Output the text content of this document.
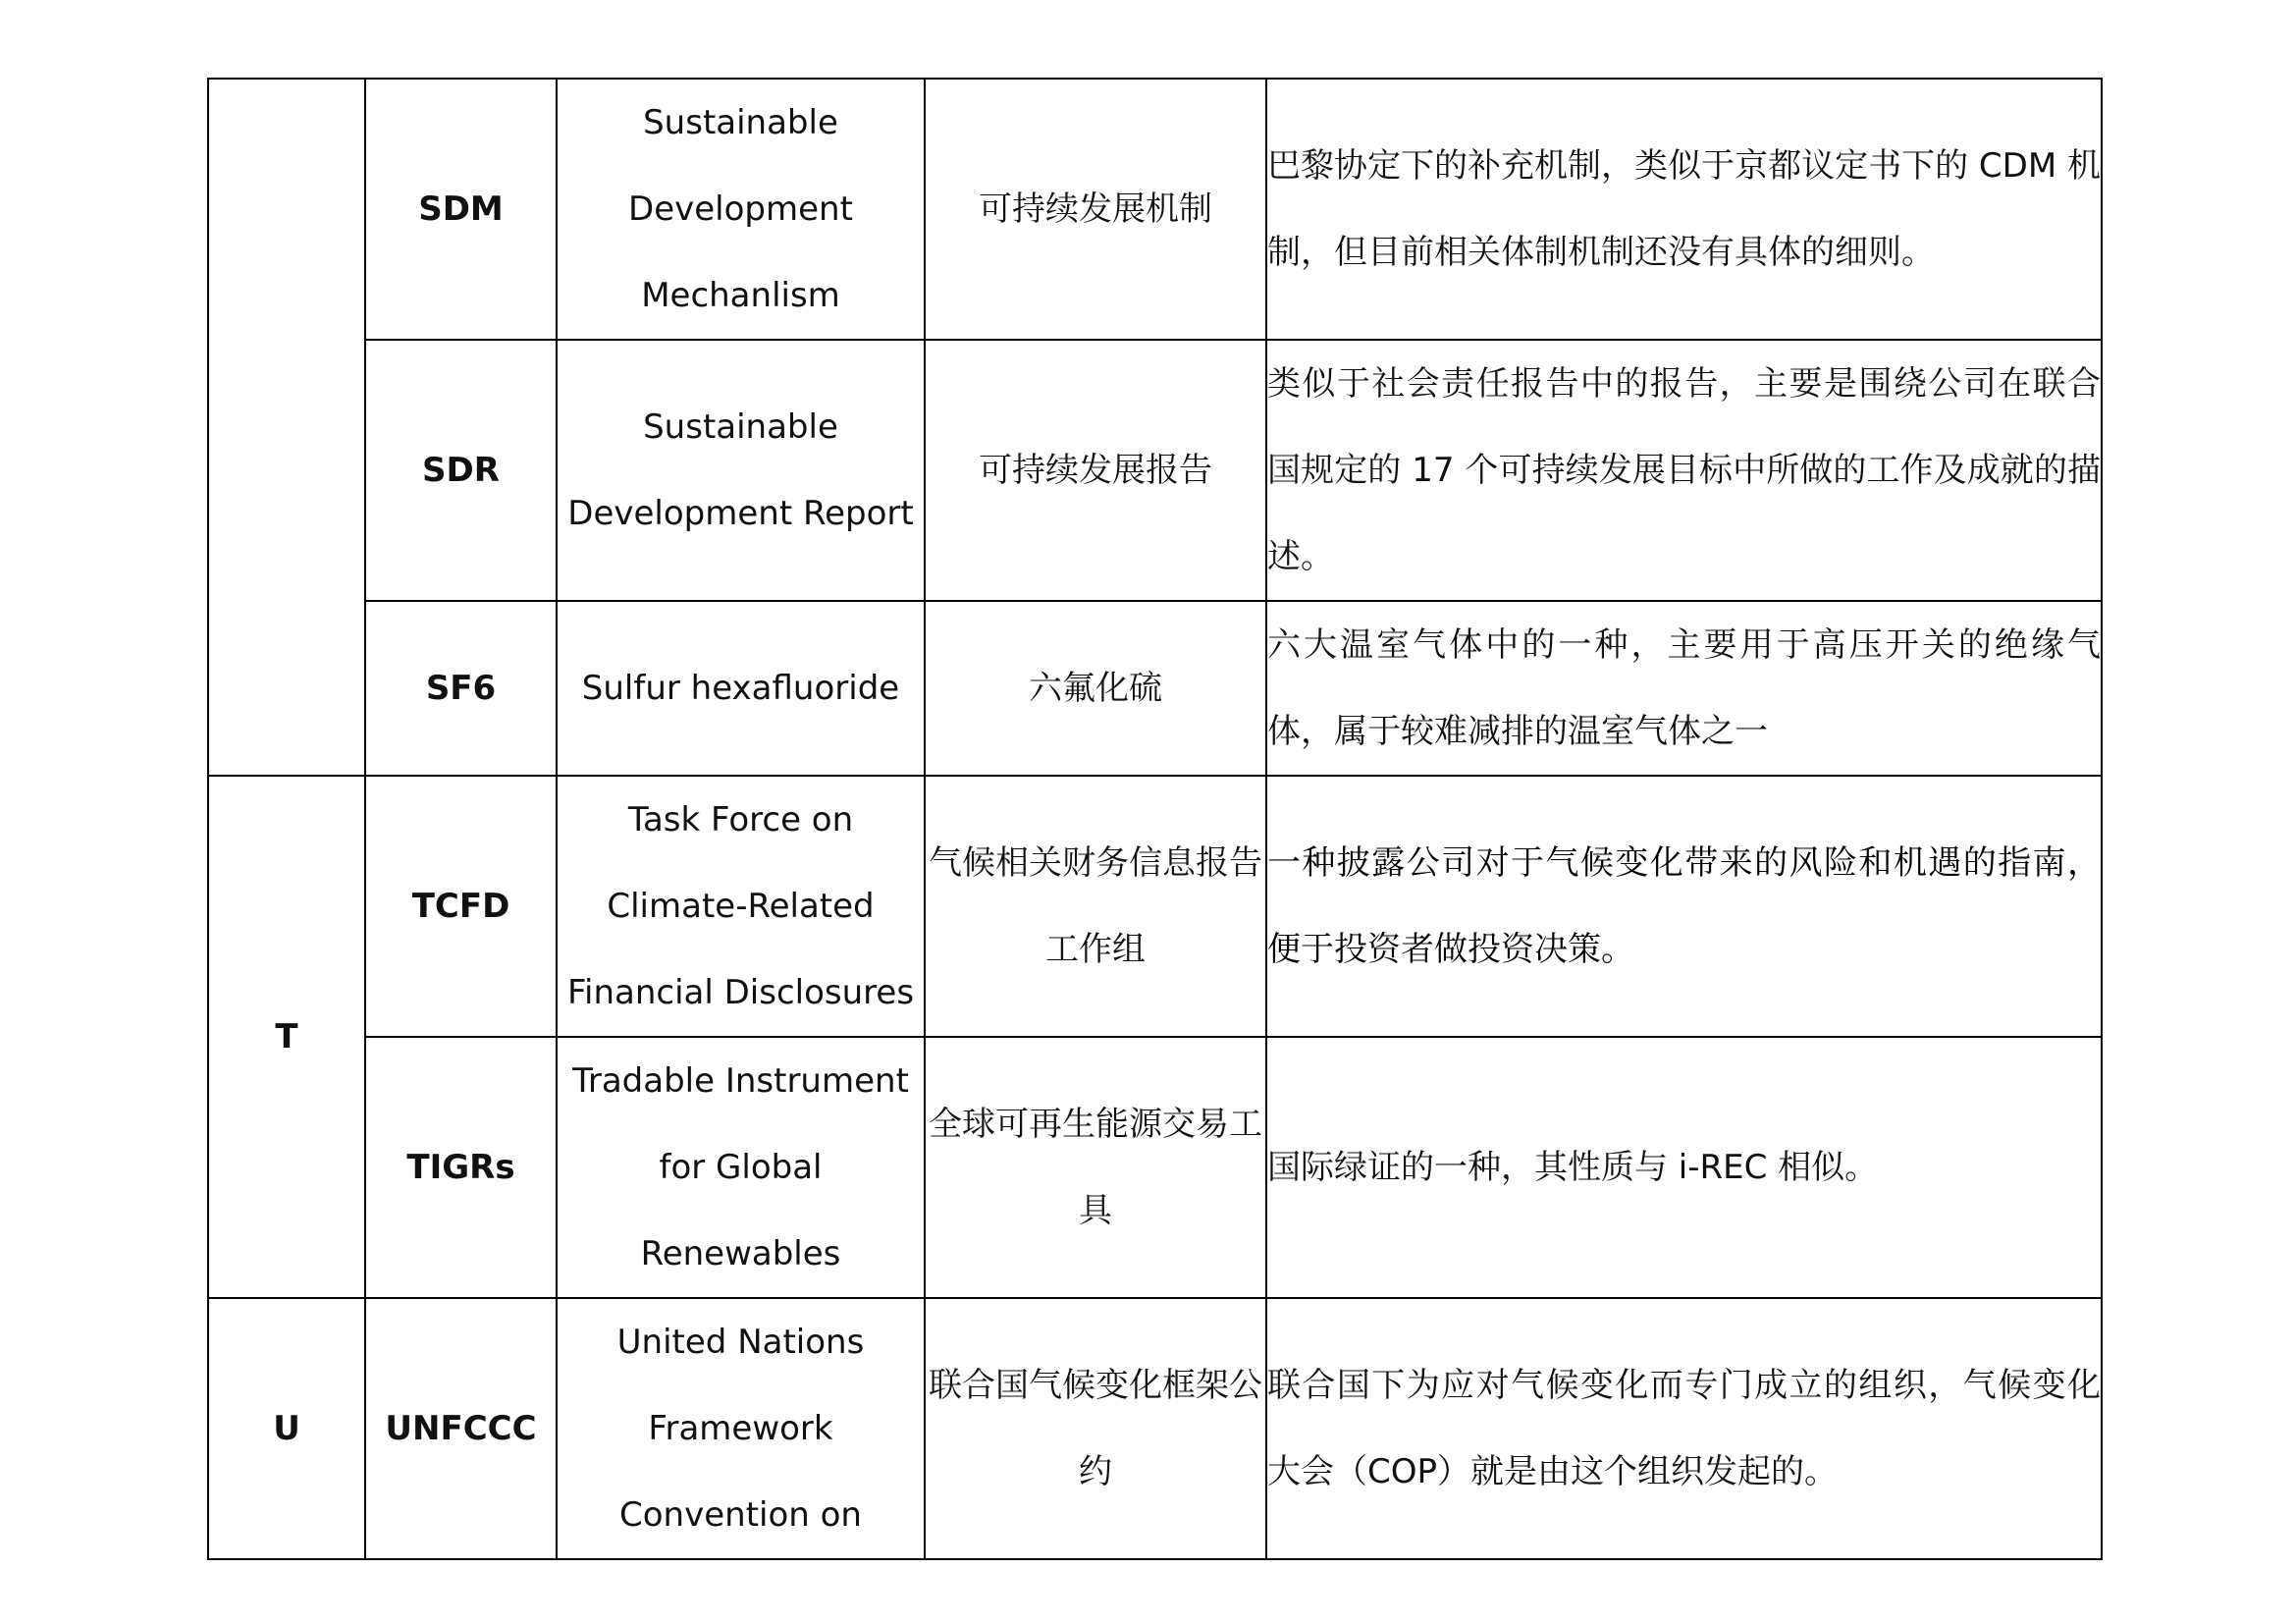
	SDM	Sustainable Development Mechanlism	可持续发展机制	巴黎协定下的补充机制，类似于京都议定书下的 CDM 机制，但目前相关体制机制还没有具体的细则。
	SDR	Sustainable Development Report	可持续发展报告	类似于社会责任报告中的报告，主要是围绕公司在联合国规定的 17 个可持续发展目标中所做的工作及成就的描述。
	SF6	Sulfur hexafluoride	六氟化硫	六大温室气体中的一种，主要用于高压开关的绝缘气体，属于较难减排的温室气体之一
T	TCFD	Task Force on Climate-Related Financial Disclosures	气候相关财务信息报告工作组	一种披露公司对于气候变化带来的风险和机遇的指南，便于投资者做投资决策。
	TIGRs	Tradable Instrument for Global Renewables	全球可再生能源交易工具	国际绿证的一种，其性质与 i-REC 相似。
U	UNFCCC	United Nations Framework Convention on	联合国气候变化框架公约	联合国下为应对气候变化而专门成立的组织，气候变化大会（COP）就是由这个组织发起的。
